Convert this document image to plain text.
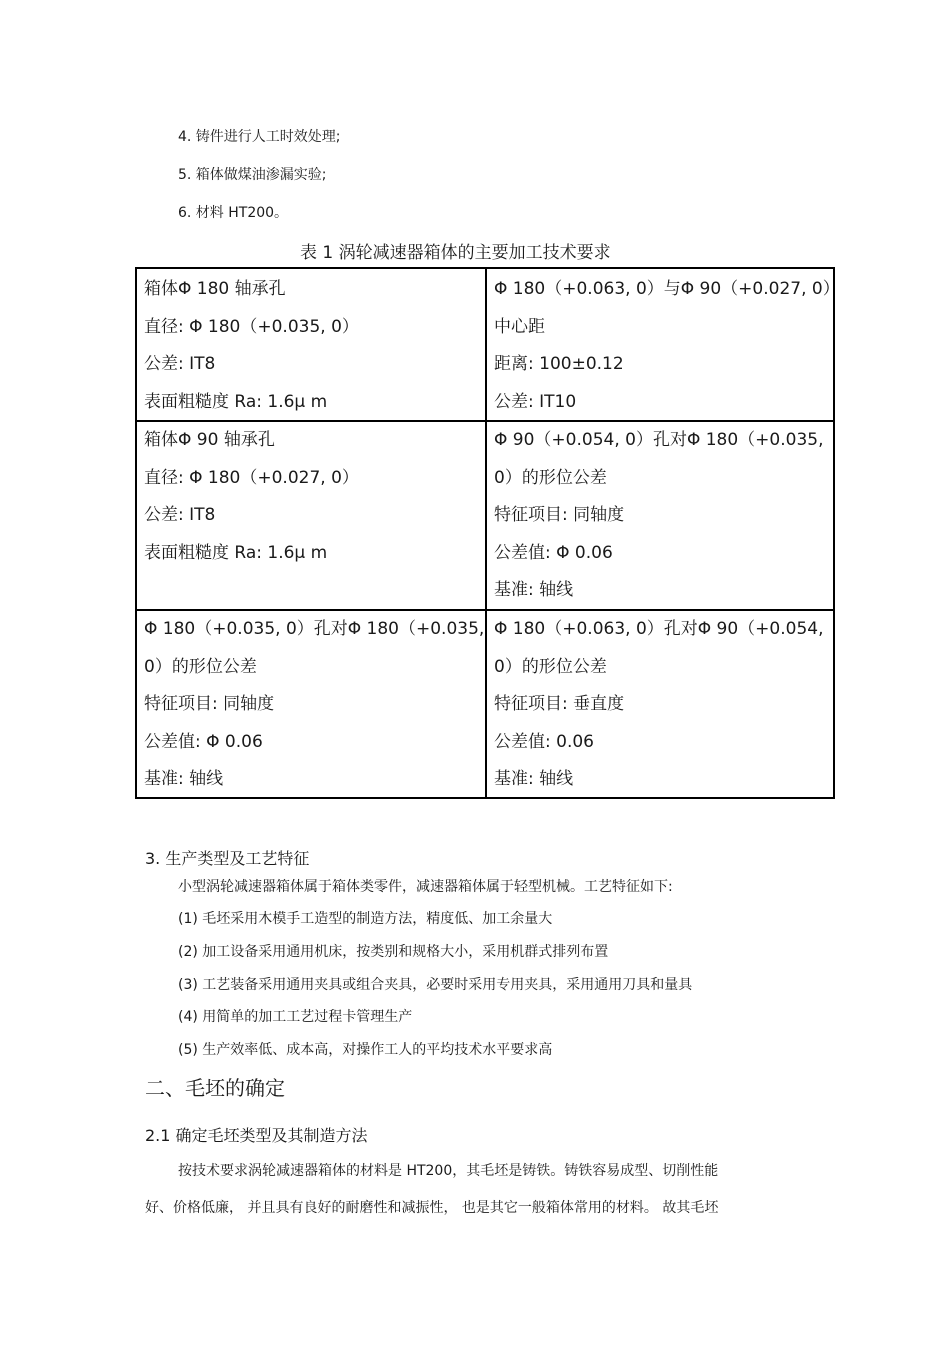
4. 铸件进行人工时效处理;
5. 箱体做煤油渗漏实验;
6. 材料 HT200。
表 1 涡轮减速器箱体的主要加工技术要求
箱体Φ 180 轴承孔
直径: Φ 180（+0.035, 0）
公差: IT8
表面粗糙度 Ra: 1.6μ m
Φ 180（+0.063, 0）与Φ 90（+0.027, 0）
中心距
距离: 100±0.12
公差: IT10
箱体Φ 90 轴承孔
直径: Φ 180（+0.027, 0）
公差: IT8
表面粗糙度 Ra: 1.6μ m
Φ 90（+0.054, 0）孔对Φ 180（+0.035,
0）的形位公差
特征项目: 同轴度
公差值: Φ 0.06
基准: 轴线
Φ 180（+0.035, 0）孔对Φ 180（+0.035,
0）的形位公差
特征项目: 同轴度
公差值: Φ 0.06
基准: 轴线
Φ 180（+0.063, 0）孔对Φ 90（+0.054,
0）的形位公差
特征项目: 垂直度
公差值: 0.06
基准: 轴线
3. 生产类型及工艺特征
小型涡轮减速器箱体属于箱体类零件，减速器箱体属于轻型机械。工艺特征如下:
(1) 毛坯采用木模手工造型的制造方法，精度低、加工余量大
(2) 加工设备采用通用机床，按类别和规格大小，采用机群式排列布置
(3) 工艺装备采用通用夹具或组合夹具，必要时采用专用夹具，采用通用刀具和量具
(4) 用简单的加工工艺过程卡管理生产
(5) 生产效率低、成本高，对操作工人的平均技术水平要求高
二、毛坯的确定
2.1 确定毛坯类型及其制造方法
按技术要求涡轮减速器箱体的材料是 HT200，其毛坯是铸铁。铸铁容易成型、切削性能
好、价格低廉， 并且具有良好的耐磨性和减振性， 也是其它一般箱体常用的材料。 故其毛坯
